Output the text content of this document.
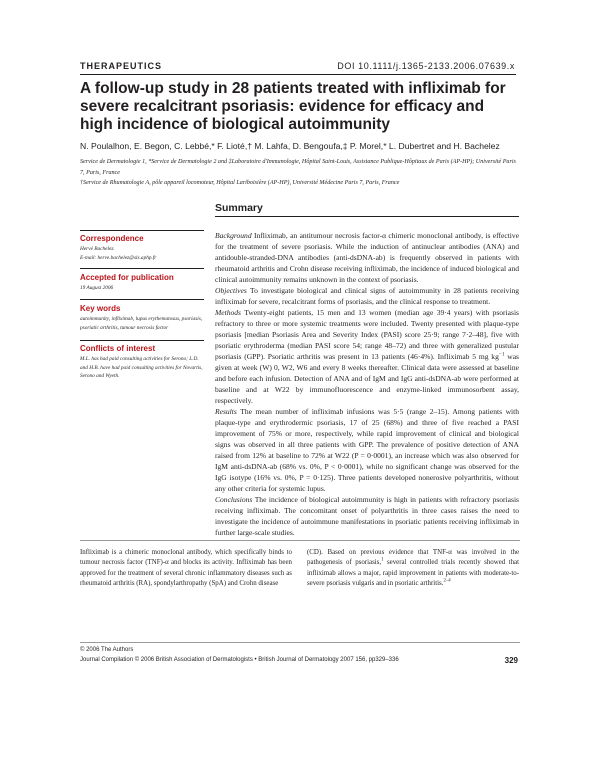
THERAPEUTICS	DOI 10.1111/j.1365-2133.2006.07639.x
A follow-up study in 28 patients treated with infliximab for severe recalcitrant psoriasis: evidence for efficacy and high incidence of biological autoimmunity
N. Poulalhon, E. Begon, C. Lebbé,* F. Lioté,† M. Lahfa, D. Bengoufa,‡ P. Morel,* L. Dubertret and H. Bachelez
Service de Dermatologie 1, *Service de Dermatologie 2 and ‡Laboratoire d'Immunologie, Hôpital Saint-Louis, Assistance Publique-Hôpitaux de Paris (AP-HP); Université Paris 7, Paris, France
†Service de Rhumatologie A, pôle appareil locomoteur, Hôpital Lariboisière (AP-HP), Université Médecine Paris 7, Paris, France
Summary
Correspondence
Hervé Bachelez.
E-mail: herve.bachelez@sls.aphp.fr
Accepted for publication
19 August 2006
Key words
autoimmunity, infliximab, lupus erythematosus, psoriasis, psoriatic arthritis, tumour necrosis factor
Conflicts of interest
M.L. has had paid consulting activities for Serono; L.D. and H.B. have had paid consulting activities for Novartis, Serono and Wyeth.

Background Infliximab, an antitumour necrosis factor-α chimeric monoclonal antibody, is effective for the treatment of severe psoriasis. While the induction of antinuclear antibodies (ANA) and antidouble-stranded-DNA antibodies (anti-dsDNA-ab) is frequently observed in patients with rheumatoid arthritis and Crohn disease receiving infliximab, the incidence of induced biological and clinical autoimmunity remains unknown in the context of psoriasis.

Objectives To investigate biological and clinical signs of autoimmunity in 28 patients receiving infliximab for severe, recalcitrant forms of psoriasis, and the clinical response to treatment.

Methods Twenty-eight patients, 15 men and 13 women (median age 39·4 years) with psoriasis refractory to three or more systemic treatments were included. Twenty presented with plaque-type psoriasis [median Psoriasis Area and Severity Index (PASI) score 25·9; range 7·2–48], five with psoriatic erythroderma (median PASI score 54; range 48–72) and three with generalized pustular psoriasis (GPP). Psoriatic arthritis was present in 13 patients (46·4%). Infliximab 5 mg $kg^{-1}$ was given at week (W) 0, W2, W6 and every 8 weeks thereafter. Clinical data were assessed at baseline and before each infusion. Detection of ANA and of IgM and IgG anti-dsDNA-ab were performed at baseline and at W22 by immunofluorescence and enzyme-linked immunosorbent assay, respectively.

Results The mean number of infliximab infusions was 5·5 (range 2–15). Among patients with plaque-type and erythrodermic psoriasis, 17 of 25 (68%) and three of five reached a PASI improvement of 75% or more, respectively, while rapid improvement of clinical and biological signs was observed in all three patients with GPP. The prevalence of positive detection of ANA raised from 12% at baseline to 72% at W22 (P = 0·0001), an increase which was also observed for IgM anti-dsDNA-ab (68% vs. 0%, P < 0·0001), while no significant change was observed for the IgG isotype (16% vs. 0%, P = 0·125). Three patients developed nonerosive polyarthritis, without any other criteria for systemic lupus.

Conclusions The incidence of biological autoimmunity is high in patients with refractory psoriasis receiving infliximab. The concomitant onset of polyarthritis in three cases raises the need to investigate the incidence of autoimmune manifestations in psoriatic patients receiving infliximab in further large-scale studies.

Infliximab is a chimeric monoclonal antibody, which specifically binds to tumour necrosis factor (TNF)-α and blocks its activity. Infliximab has been approved for the treatment of several chronic inflammatory diseases such as rheumatoid arthritis (RA), spondylarthropathy (SpA) and Crohn disease
(CD). Based on previous evidence that TNF-α was involved in the pathogenesis of psoriasis,$^1$ several controlled trials recently showed that infliximab allows a major, rapid improvement in patients with moderate-to-severe psoriasis vulgaris and in psoriatic arthritis.$^{2-4}$
© 2006 The Authors
Journal Compilation © 2006 British Association of Dermatologists • British Journal of Dermatology 2007 156, pp329–336	329
